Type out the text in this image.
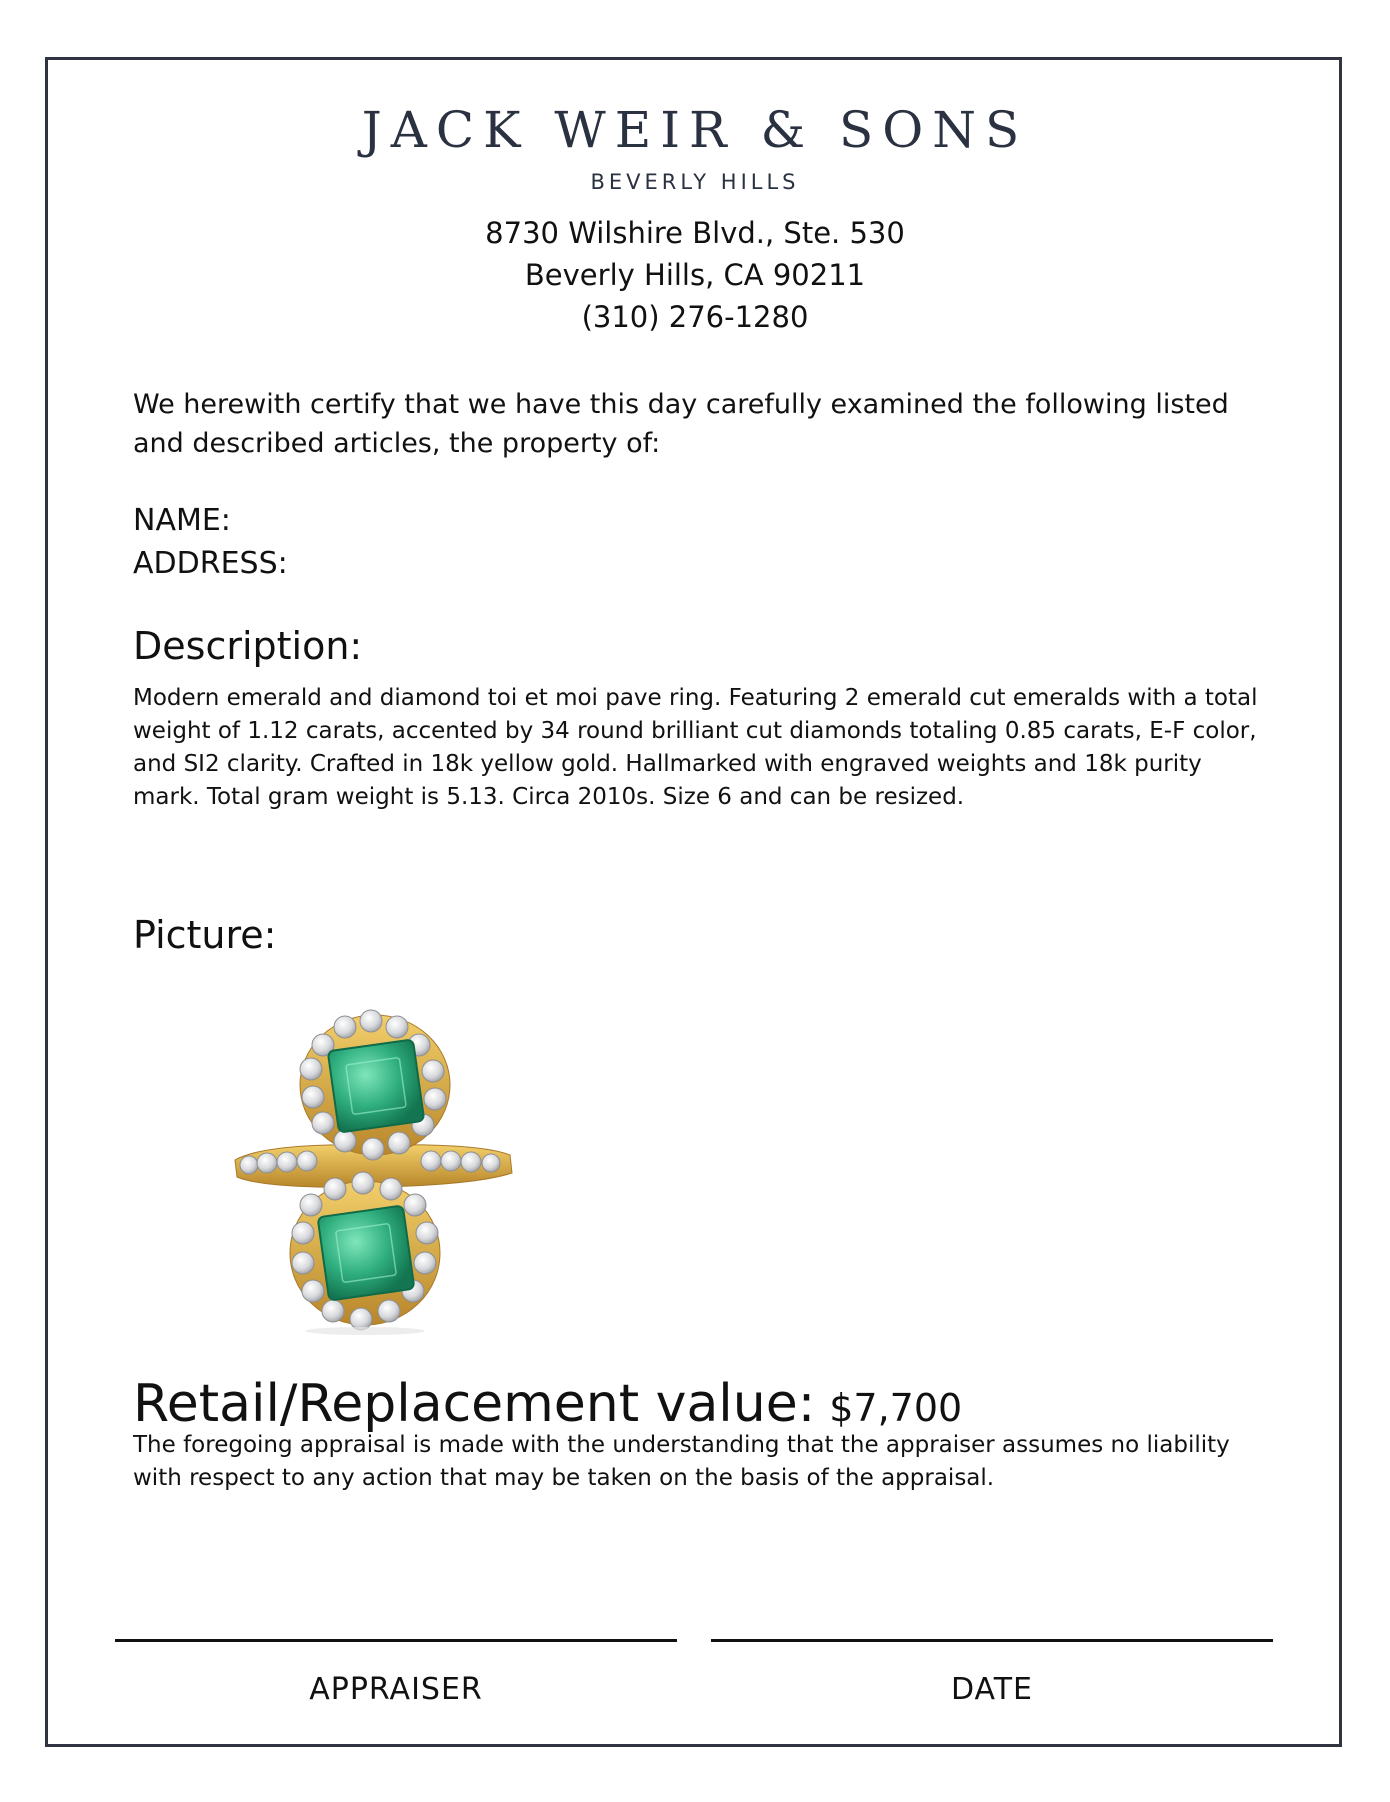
JACK WEIR & SONS
BEVERLY HILLS
8730 Wilshire Blvd., Ste. 530
Beverly Hills, CA 90211
(310) 276-1280
We herewith certify that we have this day carefully examined the following listed and described articles, the property of:
NAME:
ADDRESS:
Description:
Modern emerald and diamond toi et moi pave ring. Featuring 2 emerald cut emeralds with a total weight of 1.12 carats, accented by 34 round brilliant cut diamonds totaling 0.85 carats, E-F color, and SI2 clarity. Crafted in 18k yellow gold. Hallmarked with engraved weights and 18k purity mark. Total gram weight is 5.13. Circa 2010s. Size 6 and can be resized.
Picture:
Retail/Replacement value: $7,700
The foregoing appraisal is made with the understanding that the appraiser assumes no liability with respect to any action that may be taken on the basis of the appraisal.
APPRAISER	DATE
